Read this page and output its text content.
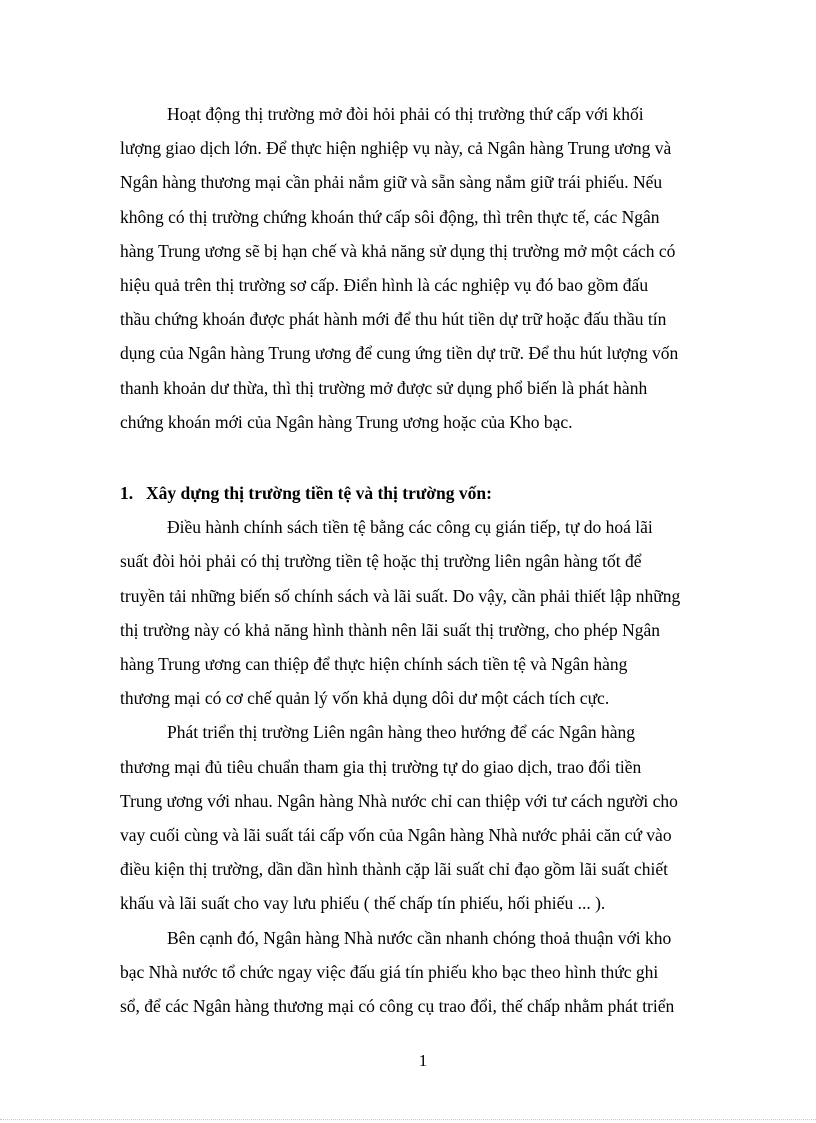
Hoạt động thị trường mở đòi hỏi phải có thị trường thứ cấp với khối
lượng giao dịch lớn. Để thực hiện nghiệp vụ này, cả Ngân hàng Trung ương và
Ngân hàng thương mại cần phải nắm giữ và sẵn sàng nắm giữ trái phiếu. Nếu
không có thị trường chứng khoán thứ cấp sôi động, thì trên thực tế, các Ngân
hàng Trung ương sẽ bị hạn chế và khả năng sử dụng thị trường mở một cách có
hiệu quả trên thị trường sơ cấp. Điển hình là các nghiệp vụ đó bao gồm đấu
thầu chứng khoán được phát hành mới để thu hút tiền dự trữ hoặc đấu thầu tín
dụng của Ngân hàng Trung ương để cung ứng tiền dự trữ. Để thu hút lượng vốn
thanh khoản dư thừa, thì thị trường mở được sử dụng phổ biến là phát hành
chứng khoán mới của Ngân hàng Trung ương hoặc của Kho bạc.

1. Xây dựng thị trường tiền tệ và thị trường vốn:

Điều hành chính sách tiền tệ bằng các công cụ gián tiếp, tự do hoá lãi
suất đòi hỏi phải có thị trường tiền tệ hoặc thị trường liên ngân hàng tốt để
truyền tải những biến số chính sách và lãi suất. Do vậy, cần phải thiết lập những
thị trường này có khả năng hình thành nên lãi suất thị trường, cho phép Ngân
hàng Trung ương can thiệp để thực hiện chính sách tiền tệ và Ngân hàng
thương mại có cơ chế quản lý vốn khả dụng dôi dư một cách tích cực.

Phát triển thị trường Liên ngân hàng theo hướng để các Ngân hàng
thương mại đủ tiêu chuẩn tham gia thị trường tự do giao dịch, trao đổi tiền
Trung ương với nhau. Ngân hàng Nhà nước chỉ can thiệp với tư cách người cho
vay cuối cùng và lãi suất tái cấp vốn của Ngân hàng Nhà nước phải căn cứ vào
điều kiện thị trường, dần dần hình thành cặp lãi suất chỉ đạo gồm lãi suất chiết
khấu và lãi suất cho vay lưu phiếu ( thế chấp tín phiếu, hối phiếu ... ).

Bên cạnh đó, Ngân hàng Nhà nước cần nhanh chóng thoả thuận với kho
bạc Nhà nước tổ chức ngay việc đấu giá tín phiếu kho bạc theo hình thức ghi
sổ, để các Ngân hàng thương mại có công cụ trao đổi, thế chấp nhằm phát triển

1
